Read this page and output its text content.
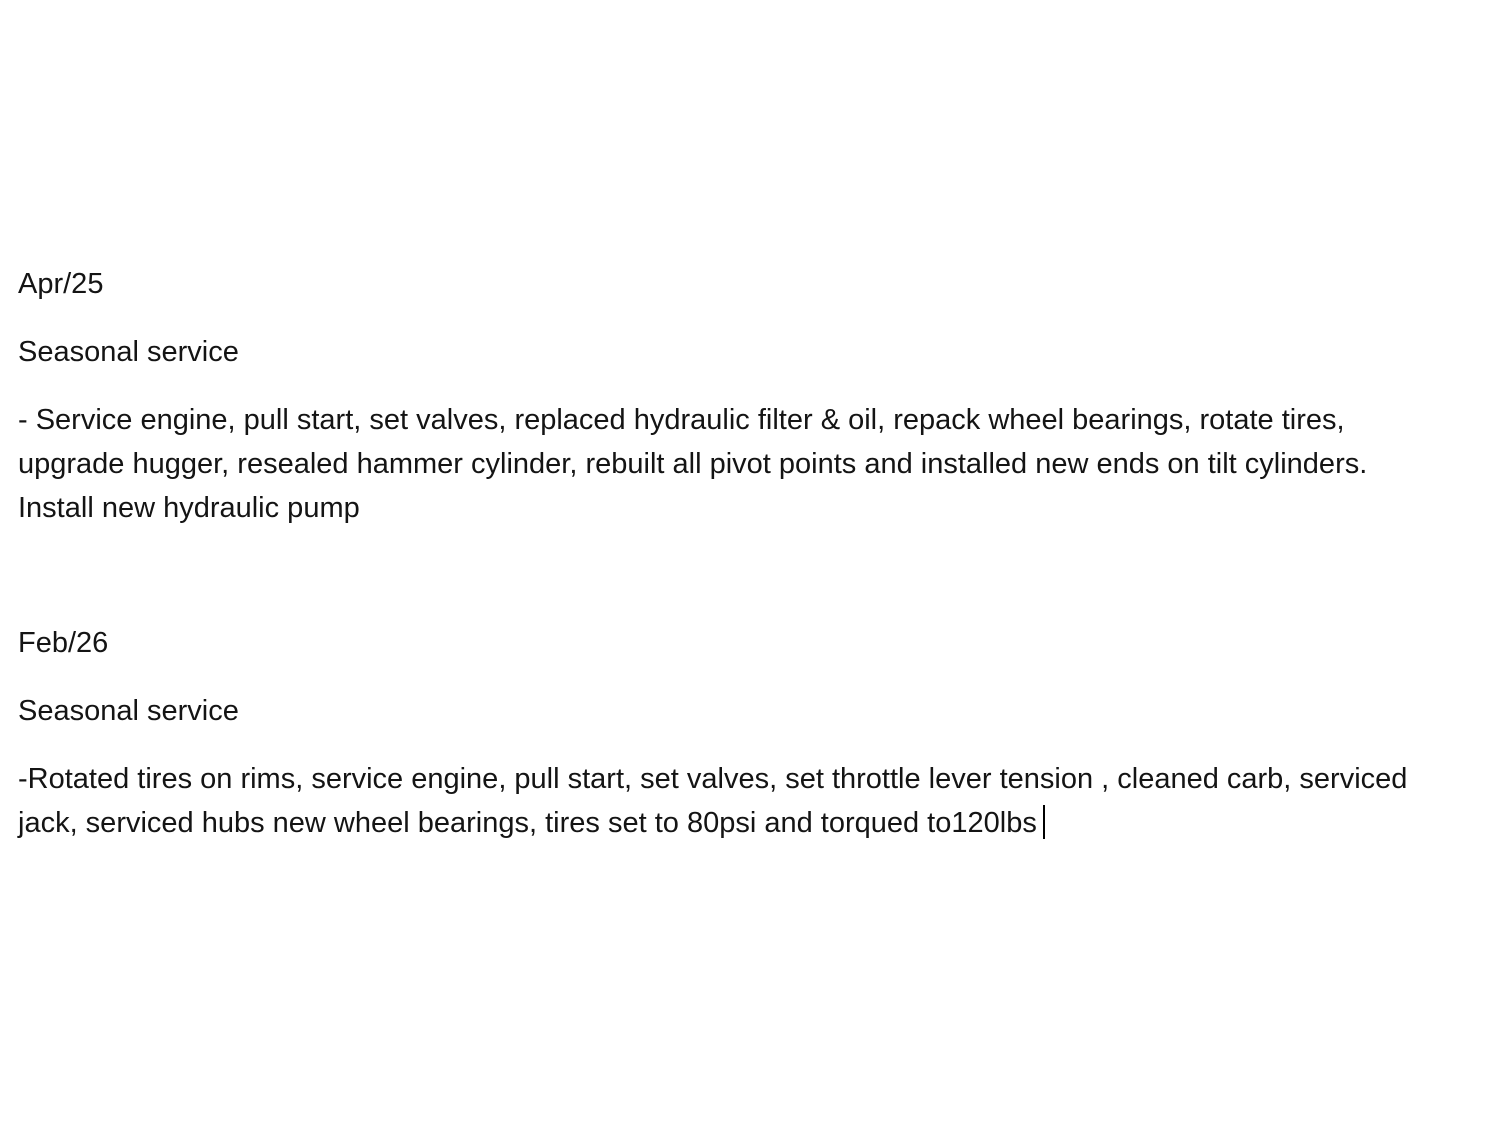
Apr/25
Seasonal service
- Service engine, pull start, set valves, replaced hydraulic filter & oil, repack wheel bearings, rotate tires, upgrade hugger, resealed hammer cylinder, rebuilt all pivot points and installed new ends on tilt cylinders. Install new hydraulic pump
Feb/26
Seasonal service
-Rotated tires on rims, service engine, pull start, set valves, set throttle lever tension , cleaned carb, serviced jack, serviced hubs new wheel bearings, tires set to 80psi and torqued to120lbs
